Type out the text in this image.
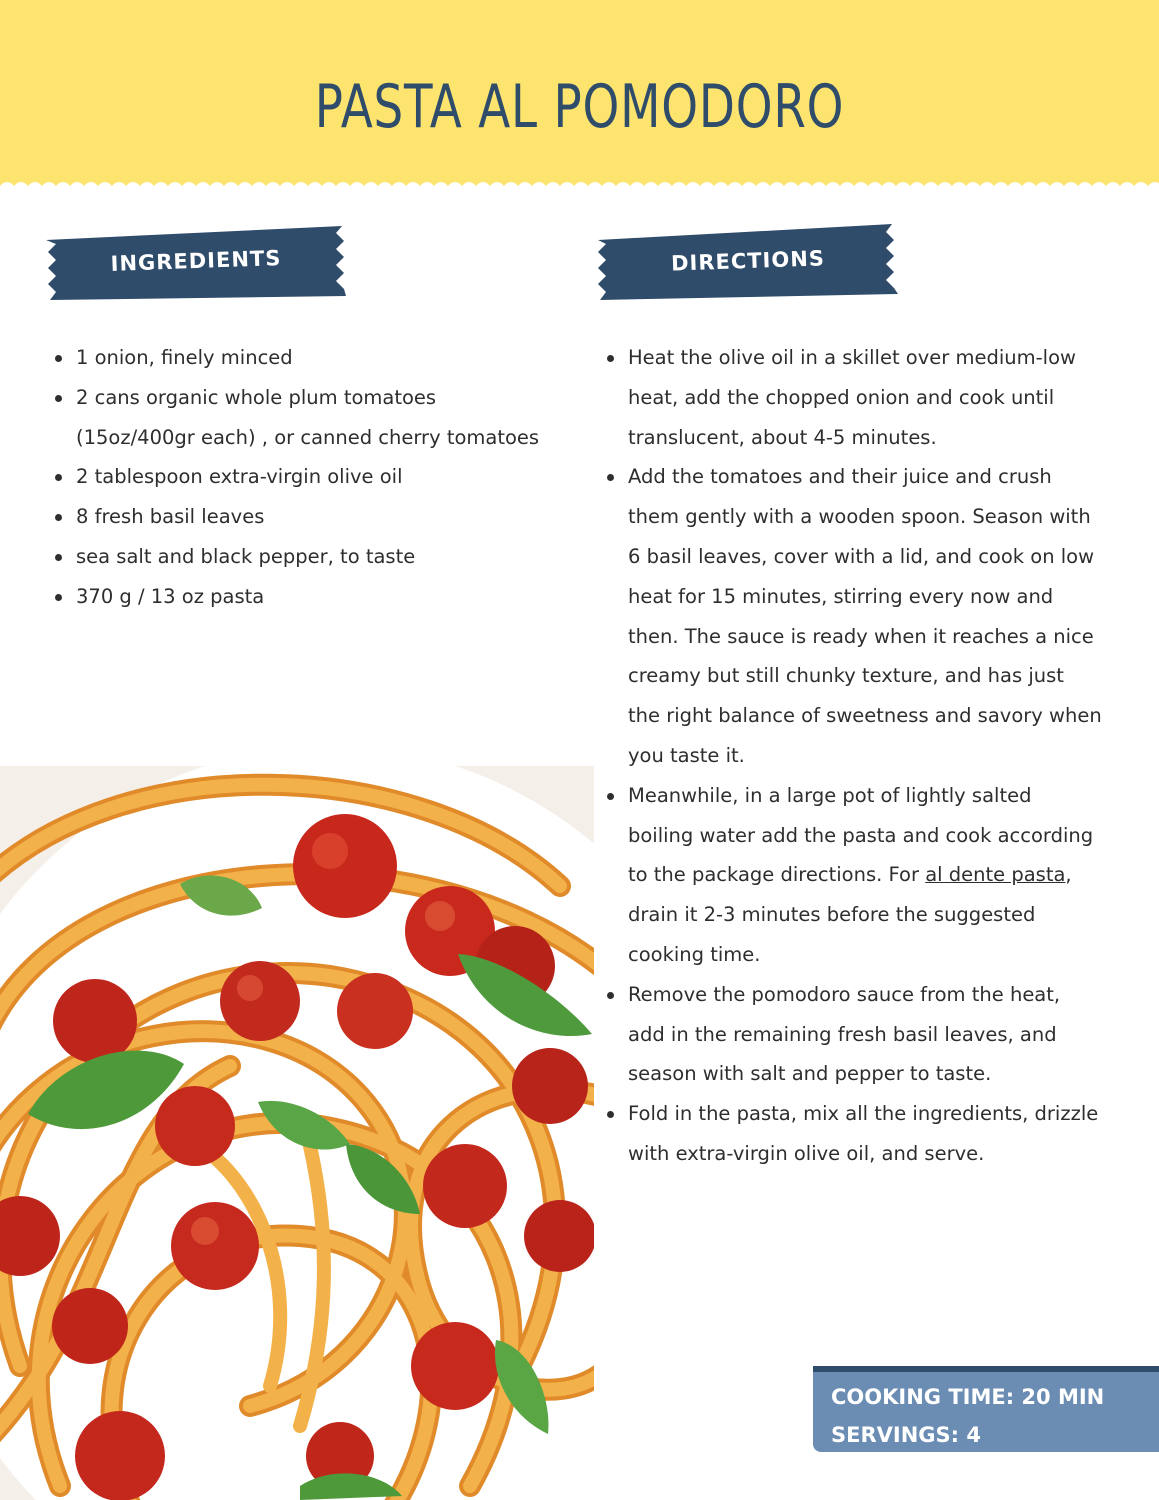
PASTA AL POMODORO
INGREDIENTS	DIRECTIONS
1 onion, finely minced
2 cans organic whole plum tomatoes
(15oz/400gr each) , or canned cherry tomatoes
2 tablespoon extra-virgin olive oil
8 fresh basil leaves
sea salt and black pepper, to taste
370 g / 13 oz pasta
Heat the olive oil in a skillet over medium-low
heat, add the chopped onion and cook until
translucent, about 4-5 minutes.
Add the tomatoes and their juice and crush
them gently with a wooden spoon. Season with
6 basil leaves, cover with a lid, and cook on low
heat for 15 minutes, stirring every now and
then. The sauce is ready when it reaches a nice
creamy but still chunky texture, and has just
the right balance of sweetness and savory when
you taste it.
Meanwhile, in a large pot of lightly salted
boiling water add the pasta and cook according
to the package directions. For al dente pasta,
drain it 2-3 minutes before the suggested
cooking time.
Remove the pomodoro sauce from the heat,
add in the remaining fresh basil leaves, and
season with salt and pepper to taste.
Fold in the pasta, mix all the ingredients, drizzle
with extra-virgin olive oil, and serve.
COOKING TIME: 20 MIN
SERVINGS: 4
